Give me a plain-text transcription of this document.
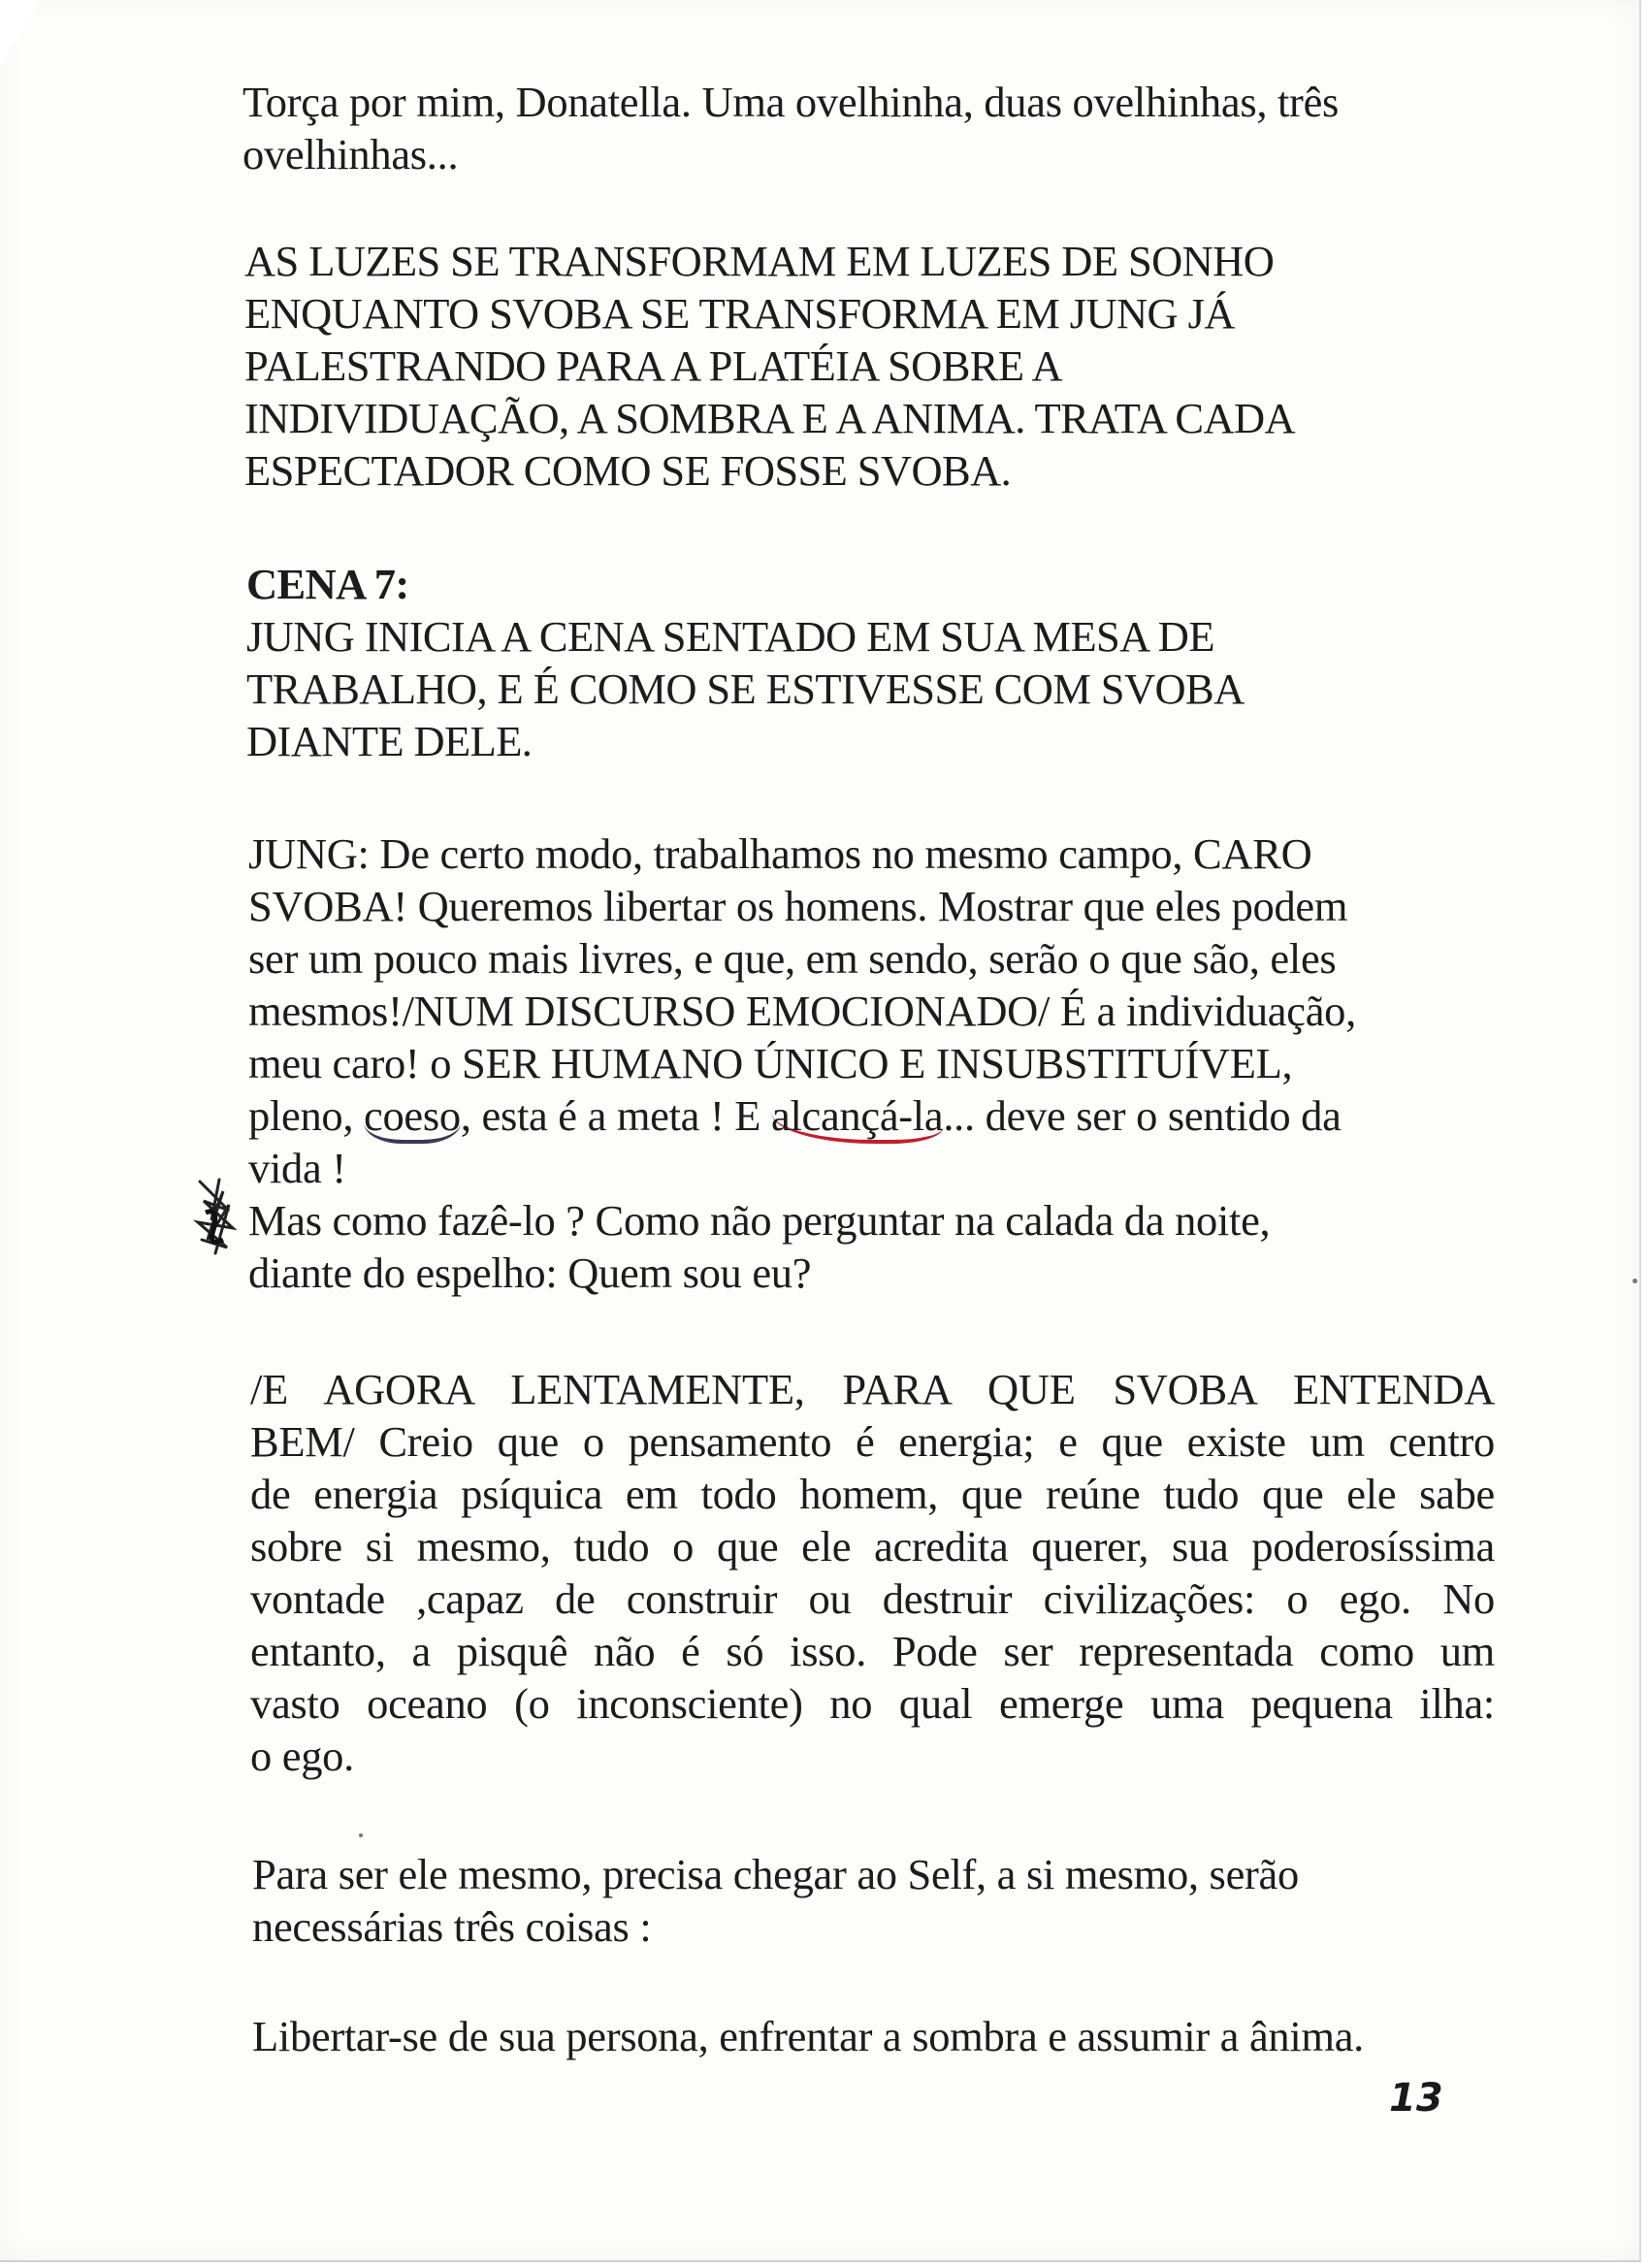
Torça por mim, Donatella. Uma ovelhinha, duas ovelhinhas, três

ovelhinhas...

AS LUZES SE TRANSFORMAM EM LUZES DE SONHO

ENQUANTO SVOBA SE TRANSFORMA EM JUNG JÁ

PALESTRANDO PARA A PLATÉIA SOBRE A

INDIVIDUAÇÃO, A SOMBRA E A ANIMA. TRATA CADA

ESPECTADOR COMO SE FOSSE SVOBA.

CENA 7:

JUNG INICIA A CENA SENTADO EM SUA MESA DE

TRABALHO, E É COMO SE ESTIVESSE COM SVOBA

DIANTE DELE.

JUNG: De certo modo, trabalhamos no mesmo campo, CARO

SVOBA! Queremos libertar os homens. Mostrar que eles podem

ser um pouco mais livres, e que, em sendo, serão o que são, eles

mesmos!/NUM DISCURSO EMOCIONADO/ É a individuação,

meu caro! o SER HUMANO ÚNICO E INSUBSTITUÍVEL,

pleno, coeso, esta é a meta ! E alcançá-la... deve ser o sentido da

vida !

Mas como fazê-lo ? Como não perguntar na calada da noite,

diante do espelho: Quem sou eu?

/E AGORA LENTAMENTE, PARA QUE SVOBA ENTENDA

BEM/ Creio que o pensamento é energia; e que existe um centro

de energia psíquica em todo homem, que reúne tudo que ele sabe

sobre si mesmo, tudo o que ele acredita querer, sua poderosíssima

vontade ,capaz de construir ou destruir civilizações: o ego. No

entanto, a pisquê não é só isso. Pode ser representada como um

vasto oceano (o inconsciente) no qual emerge uma pequena ilha:

o ego.

Para ser ele mesmo, precisa chegar ao Self, a si mesmo, serão

necessárias três coisas :

Libertar-se de sua persona, enfrentar a sombra e assumir a ânima.

13
